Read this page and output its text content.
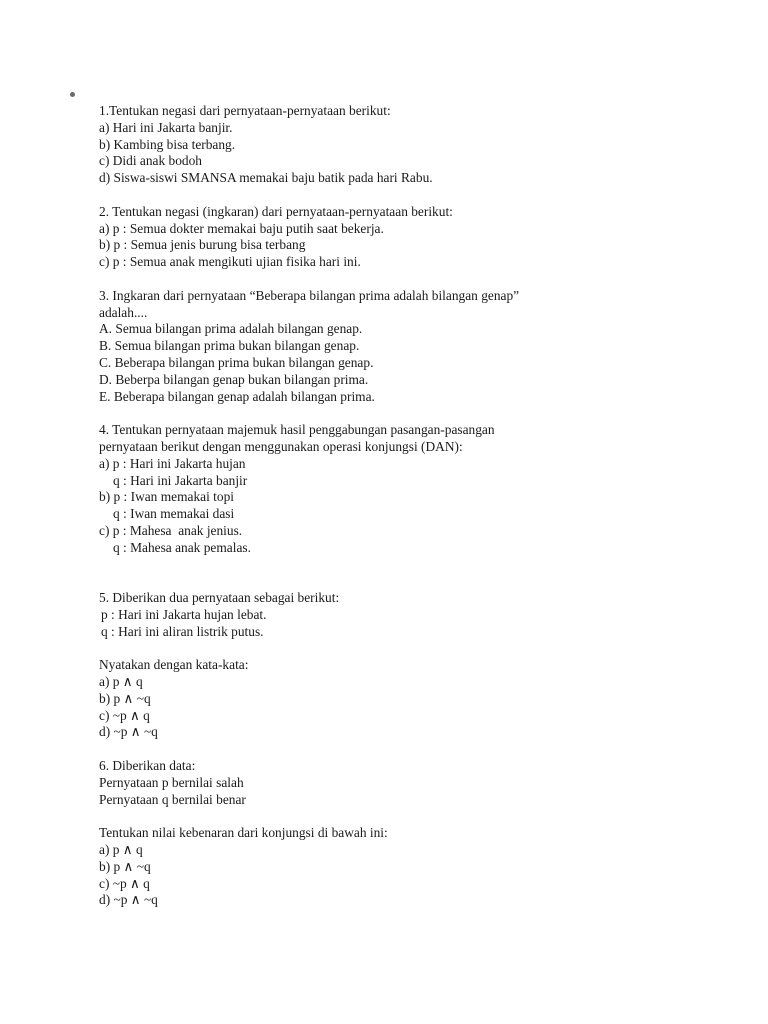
1.Tentukan negasi dari pernyataan-pernyataan berikut:
a) Hari ini Jakarta banjir.
b) Kambing bisa terbang.
c) Didi anak bodoh
d) Siswa-siswi SMANSA memakai baju batik pada hari Rabu.
2. Tentukan negasi (ingkaran) dari pernyataan-pernyataan berikut:
a) p : Semua dokter memakai baju putih saat bekerja.
b) p : Semua jenis burung bisa terbang
c) p : Semua anak mengikuti ujian fisika hari ini.
3. Ingkaran dari pernyataan “Beberapa bilangan prima adalah bilangan genap”
adalah....
A. Semua bilangan prima adalah bilangan genap.
B. Semua bilangan prima bukan bilangan genap.
C. Beberapa bilangan prima bukan bilangan genap.
D. Beberpa bilangan genap bukan bilangan prima.
E. Beberapa bilangan genap adalah bilangan prima.
4. Tentukan pernyataan majemuk hasil penggabungan pasangan-pasangan
pernyataan berikut dengan menggunakan operasi konjungsi (DAN):
a) p : Hari ini Jakarta hujan
q : Hari ini Jakarta banjir
b) p : Iwan memakai topi
q : Iwan memakai dasi
c) p : Mahesa  anak jenius.
q : Mahesa anak pemalas.
5. Diberikan dua pernyataan sebagai berikut:
p : Hari ini Jakarta hujan lebat.
q : Hari ini aliran listrik putus.
Nyatakan dengan kata-kata:
a) p ∧ q
b) p ∧ ~q
c) ~p ∧ q
d) ~p ∧ ~q
6. Diberikan data:
Pernyataan p bernilai salah
Pernyataan q bernilai benar
Tentukan nilai kebenaran dari konjungsi di bawah ini:
a) p ∧ q
b) p ∧ ~q
c) ~p ∧ q
d) ~p ∧ ~q
